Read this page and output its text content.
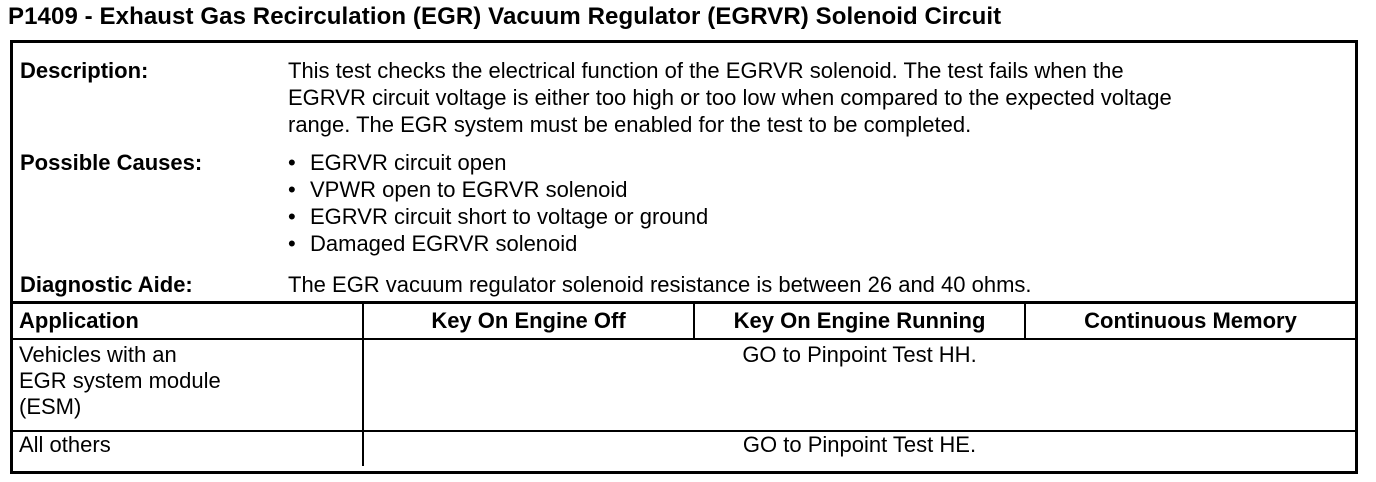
P1409 - Exhaust Gas Recirculation (EGR) Vacuum Regulator (EGRVR) Solenoid Circuit
Description:	This test checks the electrical function of the EGRVR solenoid. The test fails when the
EGRVR circuit voltage is either too high or too low when compared to the expected voltage
range. The EGR system must be enabled for the test to be completed.
Possible Causes:	• EGRVR circuit open
• VPWR open to EGRVR solenoid
• EGRVR circuit short to voltage or ground
• Damaged EGRVR solenoid
Diagnostic Aide:	The EGR vacuum regulator solenoid resistance is between 26 and 40 ohms.
Application	Key On Engine Off	Key On Engine Running	Continuous Memory

Vehicles with an
EGR system module
(ESM)	GO to Pinpoint Test HH.		

All others	GO to Pinpoint Test HE.		
